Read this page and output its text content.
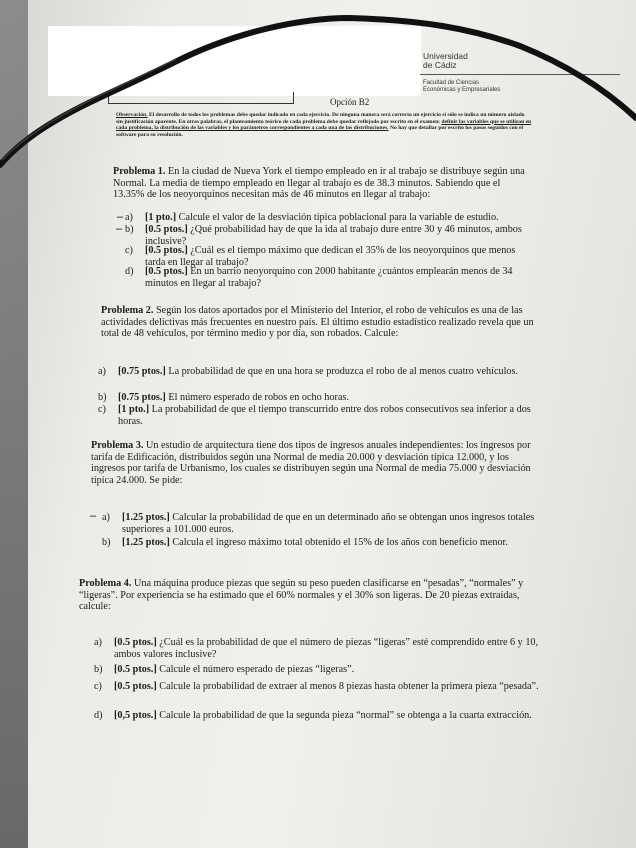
Universidad
de Cádiz
Facultad de Ciencias
Económicas y Empresariales
Opción B2
Observación. El desarrollo de todos los problemas debe quedar indicado en cada ejercicio. De ninguna manera será correcto un ejercicio si sólo se indica un número aislado sin justificación aparente. En otras palabras, el planteamiento teórico de cada problema debe quedar reflejado por escrito en el examen: definir las variables que se utilizan en cada problema, la distribución de las variables y los parámetros correspondientes a cada una de las distribuciones. No hay que detallar por escrito los pasos seguidos con el software para su resolución.
Problema 1. En la ciudad de Nueva York el tiempo empleado en ir al trabajo se distribuye según una Normal. La media de tiempo empleado en llegar al trabajo es de 38.3 minutos. Sabiendo que el 13.35% de los neoyorquinos necesitan más de 46 minutos en llegar al trabajo:
– a) [1 pto.] Calcule el valor de la desviación típica poblacional para la variable de estudio.
– b) [0.5 ptos.] ¿Qué probabilidad hay de que la ida al trabajo dure entre 30 y 46 minutos, ambos inclusive?
c) [0.5 ptos.] ¿Cuál es el tiempo máximo que dedican el 35% de los neoyorquinos que menos tarda en llegar al trabajo?
d) [0.5 ptos.] En un barrio neoyorquino con 2000 habitante ¿cuántos emplearán menos de 34 minutos en llegar al trabajo?
Problema 2. Según los datos aportados por el Ministerio del Interior, el robo de vehículos es una de las actividades delictivas más frecuentes en nuestro país. El último estudio estadístico realizado revela que un total de 48 vehículos, por término medio y por día, son robados. Calcule:
a) [0.75 ptos.] La probabilidad de que en una hora se produzca el robo de al menos cuatro vehículos.
b) [0.75 ptos.] El número esperado de robos en ocho horas.
c) [1 pto.] La probabilidad de que el tiempo transcurrido entre dos robos consecutivos sea inferior a dos horas.
Problema 3. Un estudio de arquitectura tiene dos tipos de ingresos anuales independientes: los ingresos por tarifa de Edificación, distribuidos según una Normal de media 20.000 y desviación típica 12.000, y los ingresos por tarifa de Urbanismo, los cuales se distribuyen según una Normal de media 75.000 y desviación típica 24.000. Se pide:
– a) [1.25 ptos.] Calcular la probabilidad de que en un determinado año se obtengan unos ingresos totales superiores a 101.000 euros.
b) [1.25 ptos.] Calcula el ingreso máximo total obtenido el 15% de los años con beneficio menor.
Problema 4. Una máquina produce piezas que según su peso pueden clasificarse en “pesadas”, “normales” y “ligeras”. Por experiencia se ha estimado que el 60% normales y el 30% son ligeras. De 20 piezas extraídas, calcule:
a) [0.5 ptos.] ¿Cuál es la probabilidad de que el número de piezas “ligeras” esté comprendido entre 6 y 10, ambos valores inclusive?
b) [0.5 ptos.] Calcule el número esperado de piezas “ligeras”.
c) [0.5 ptos.] Calcule la probabilidad de extraer al menos 8 piezas hasta obtener la primera pieza “pesada”.
d) [0,5 ptos.] Calcule la probabilidad de que la segunda pieza “normal” se obtenga a la cuarta extracción.
